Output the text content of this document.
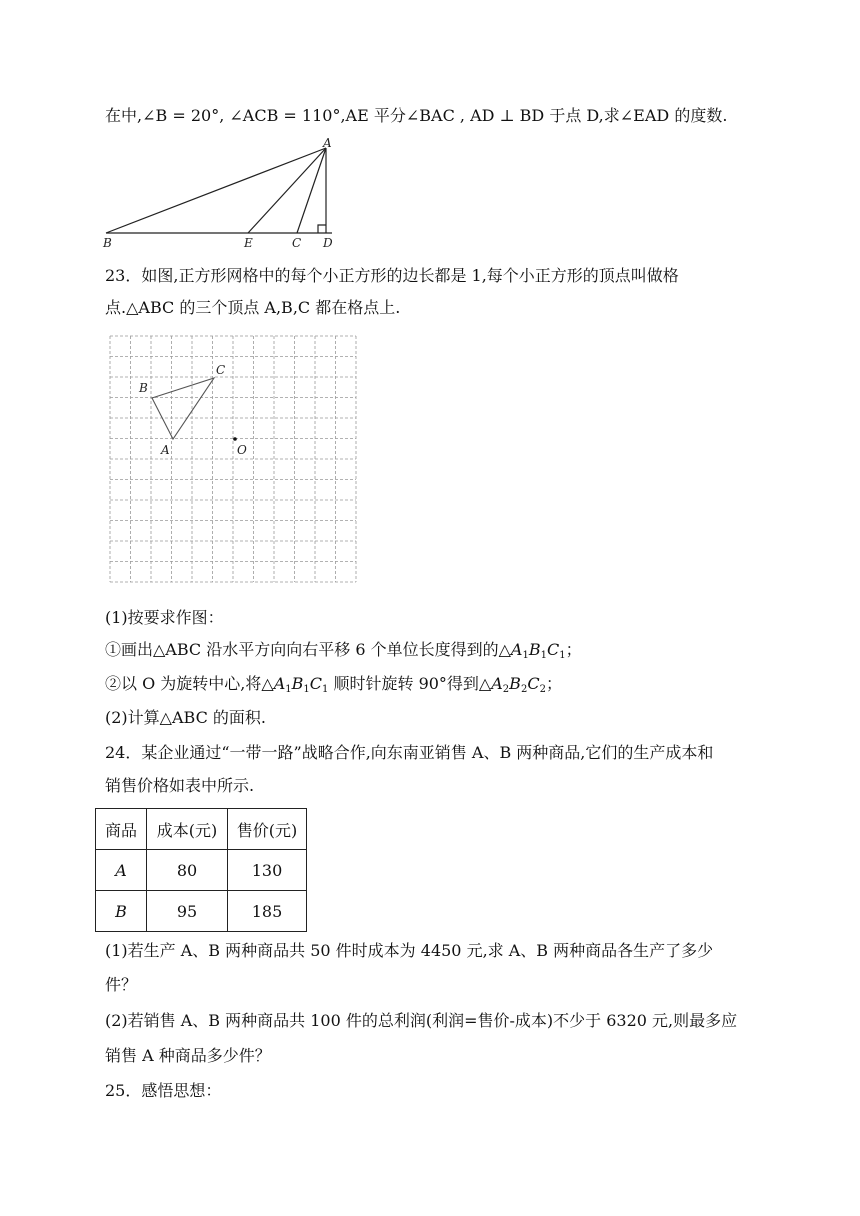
在中,∠B = 20°, ∠ACB = 110°,AE 平分∠BAC , AD ⊥ BD 于点 D,求∠EAD 的度数.
A
B	E	C D
23．如图,正方形网格中的每个小正方形的边长都是 1,每个小正方形的顶点叫做格
点.△ABC 的三个顶点 A,B,C 都在格点上.
A
B
C
O
(1)按要求作图：
①画出△ABC 沿水平方向向右平移 6 个单位长度得到的$\triangle A_1B_1C_1$；
②以 O 为旋转中心,将$\triangle A_1B_1C_1$ 顺时针旋转 90°得到$\triangle A_2B_2C_2$；
(2)计算△ABC 的面积.
24．某企业通过“一带一路”战略合作,向东南亚销售 A、B 两种商品,它们的生产成本和
销售价格如表中所示.
商品	成本(元)	售价(元)
A	80	130
B	95	185
(1)若生产 A、B 两种商品共 50 件时成本为 4450 元,求 A、B 两种商品各生产了多少
件？
(2)若销售 A、B 两种商品共 100 件的总利润(利润=售价-成本)不少于 6320 元,则最多应
销售 A 种商品多少件？
25．感悟思想：
